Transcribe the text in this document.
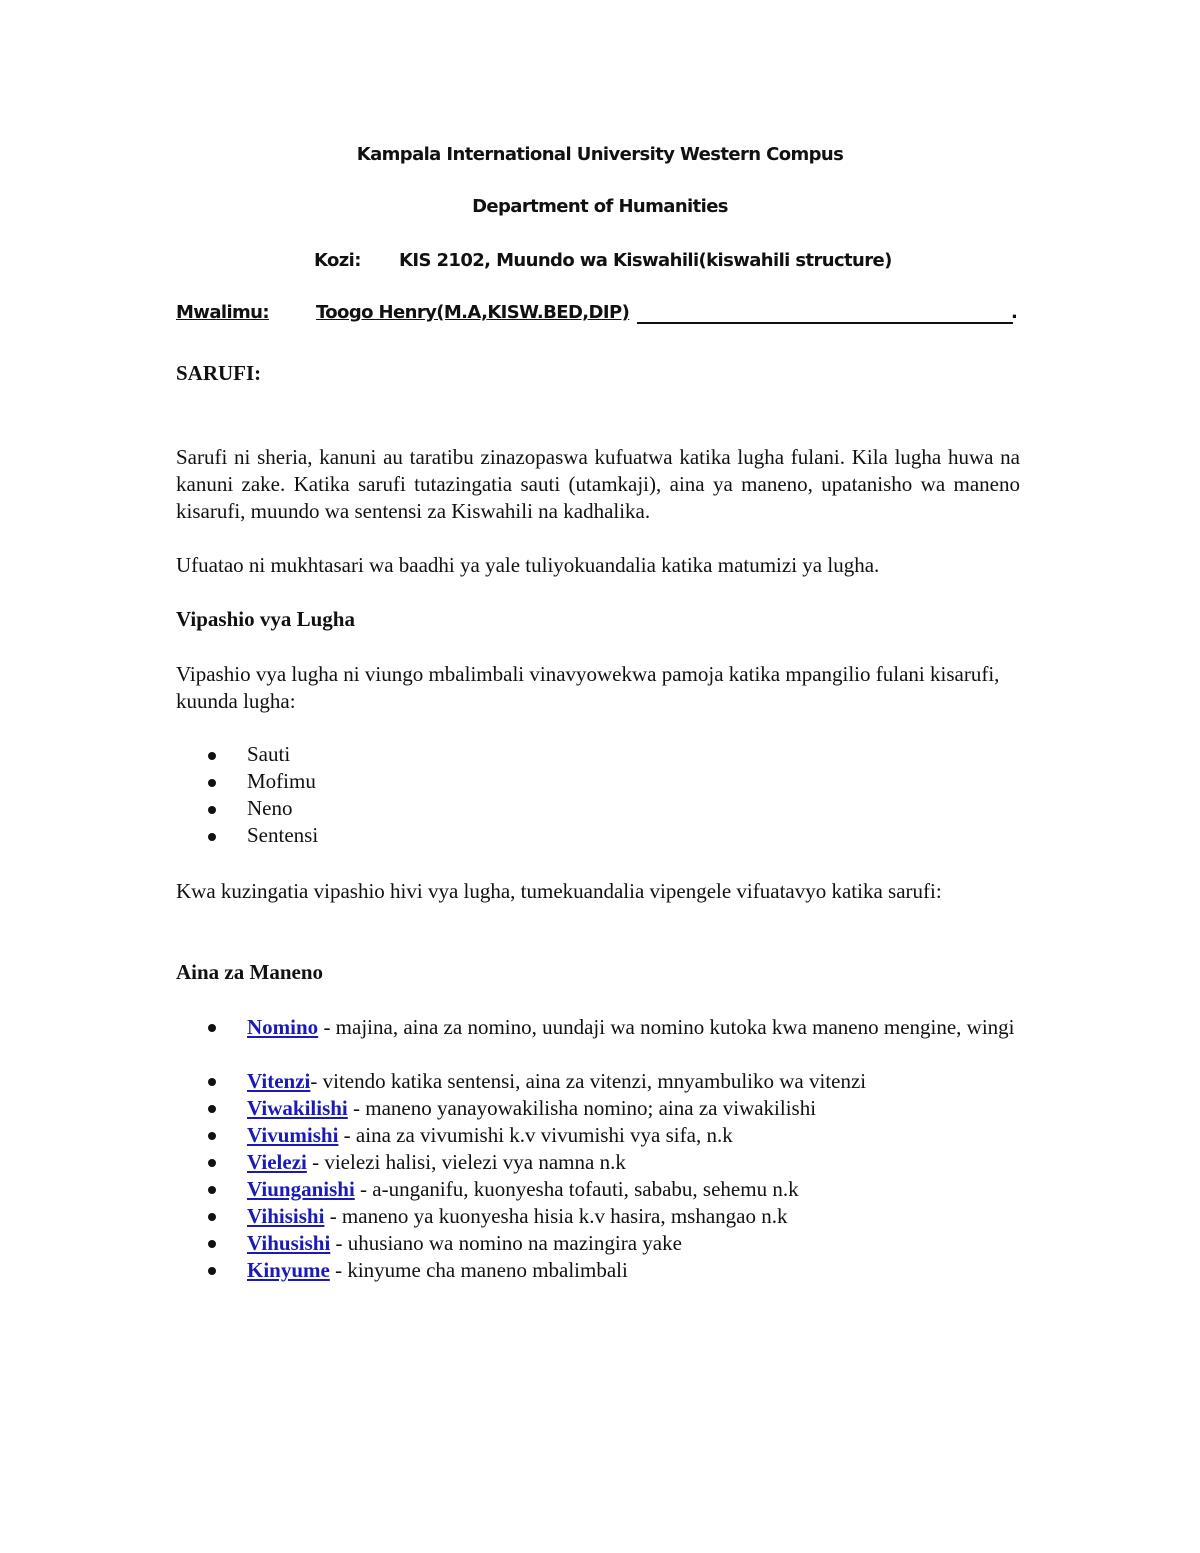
Kampala International University Western Compus
Department of Humanities
Kozi: KIS 2102, Muundo wa Kiswahili(kiswahili structure)
Mwalimu:	Toogo Henry(M.A,KISW.BED,DIP)	.
SARUFI:

Sarufi ni sheria, kanuni au taratibu zinazopaswa kufuatwa katika lugha fulani. Kila lugha huwa na kanuni zake. Katika sarufi tutazingatia sauti (utamkaji), aina ya maneno, upatanisho wa maneno kisarufi, muundo wa sentensi za Kiswahili na kadhalika.

Ufuatao ni mukhtasari wa baadhi ya yale tuliyokuandalia katika matumizi ya lugha.
Vipashio vya Lugha

Vipashio vya lugha ni viungo mbalimbali vinavyowekwa pamoja katika mpangilio fulani kisarufi, kuunda lugha:

Sauti
Mofimu
Neno
Sentensi

Kwa kuzingatia vipashio hivi vya lugha, tumekuandalia vipengele vifuatavyo katika sarufi:

Aina za Maneno
Nomino - majina, aina za nomino, uundaji wa nomino kutoka kwa maneno mengine, wingi
Vitenzi- vitendo katika sentensi, aina za vitenzi, mnyambuliko wa vitenzi
Viwakilishi - maneno yanayowakilisha nomino; aina za viwakilishi
Vivumishi - aina za vivumishi k.v vivumishi vya sifa, n.k
Vielezi - vielezi halisi, vielezi vya namna n.k
Viunganishi - a-unganifu, kuonyesha tofauti, sababu, sehemu n.k
Vihisishi - maneno ya kuonyesha hisia k.v hasira, mshangao n.k
Vihusishi - uhusiano wa nomino na mazingira yake
Kinyume - kinyume cha maneno mbalimbali
